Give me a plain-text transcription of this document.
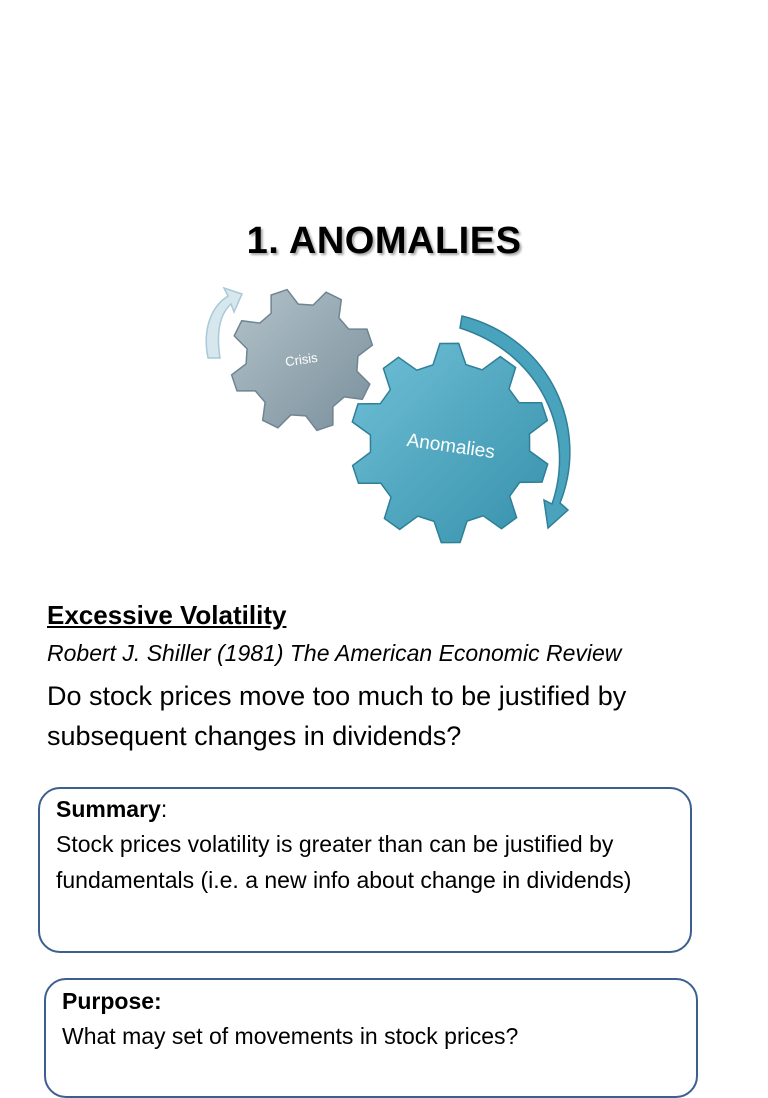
1. ANOMALIES
Crisis
Anomalies
Excessive Volatility
Robert J. Shiller (1981) The American Economic Review
Do stock prices move too much to be justified by subsequent changes in dividends?
Summary:
Stock prices volatility is greater than can be justified by fundamentals (i.e. a new info about change in dividends)
Purpose:
What may set of movements in stock prices?
